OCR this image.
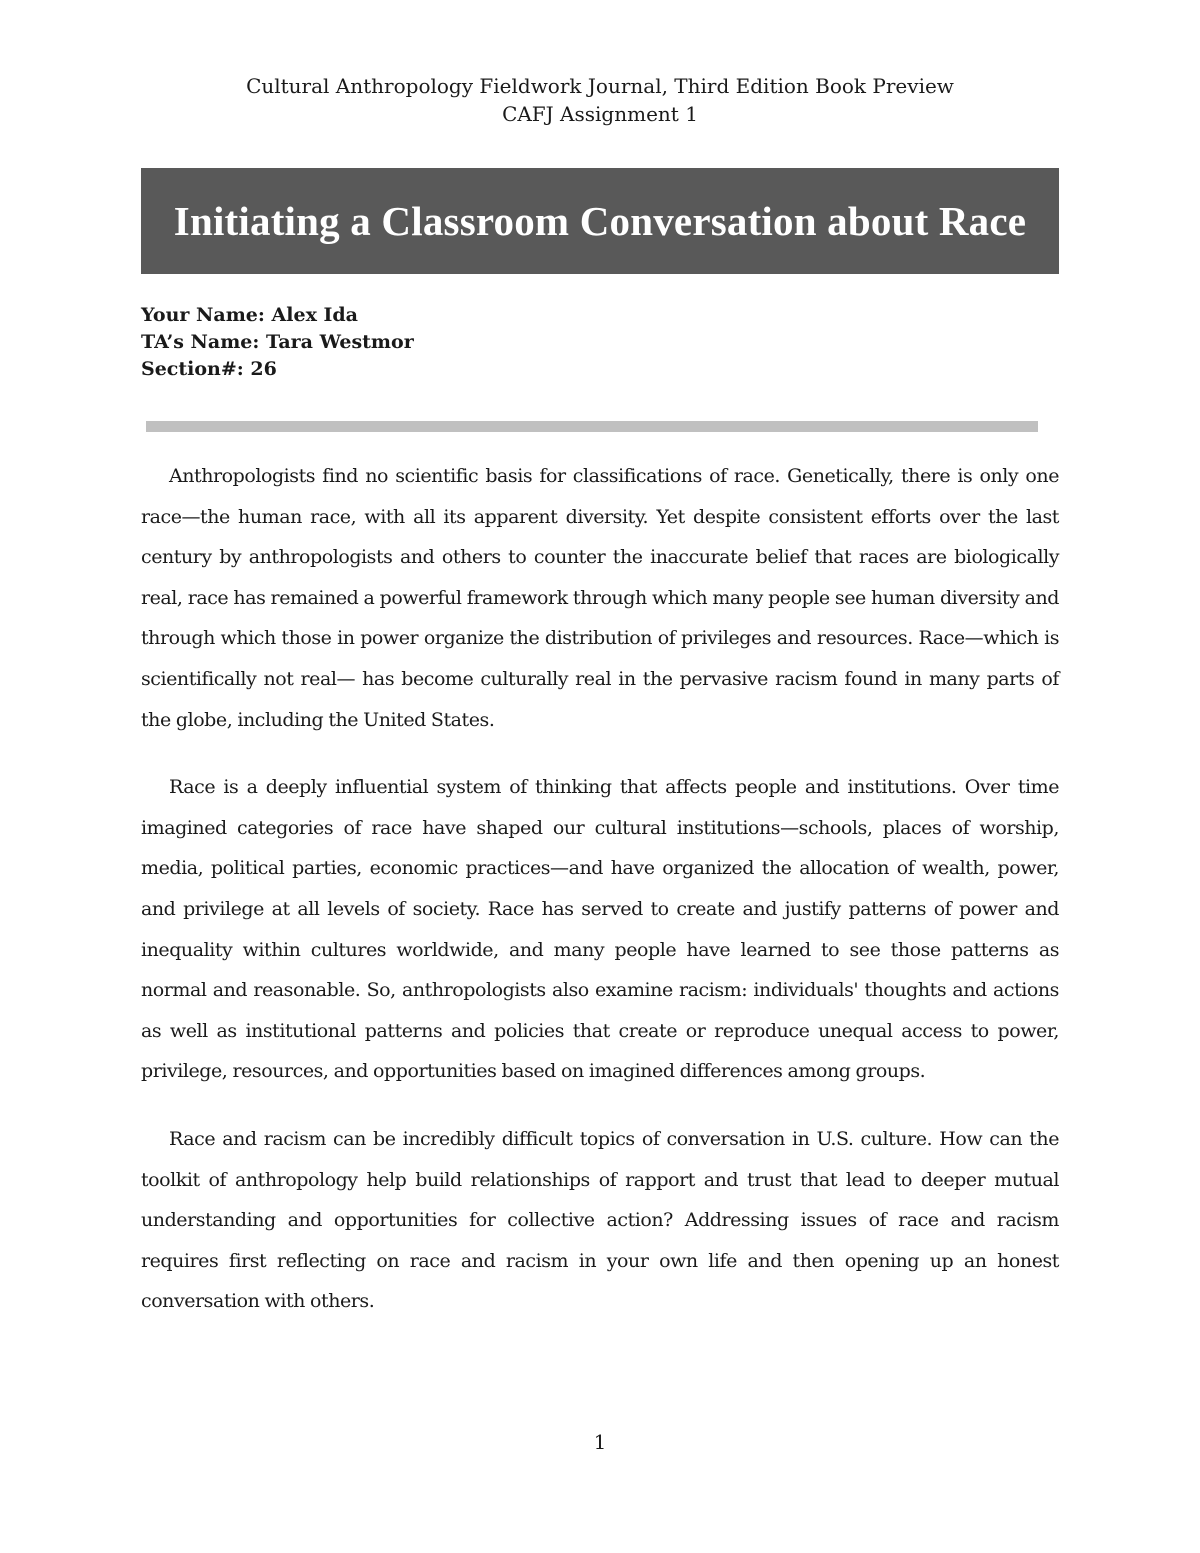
Cultural Anthropology Fieldwork Journal, Third Edition Book Preview
CAFJ Assignment 1
Initiating a Classroom Conversation about Race
Your Name: Alex Ida
TA’s Name: Tara Westmor
Section#: 26

Anthropologists find no scientific basis for classifications of race. Genetically, there is only one race—the human race, with all its apparent diversity. Yet despite consistent efforts over the last century by anthropologists and others to counter the inaccurate belief that races are biologically real, race has remained a powerful framework through which many people see human diversity and through which those in power organize the distribution of privileges and resources. Race—which is scientifically not real— has become culturally real in the pervasive racism found in many parts of the globe, including the United States.

Race is a deeply influential system of thinking that affects people and institutions. Over time imagined categories of race have shaped our cultural institutions—schools, places of worship, media, political parties, economic practices—and have organized the allocation of wealth, power, and privilege at all levels of society. Race has served to create and justify patterns of power and inequality within cultures worldwide, and many people have learned to see those patterns as normal and reasonable. So, anthropologists also examine racism: individuals' thoughts and actions as well as institutional patterns and policies that create or reproduce unequal access to power, privilege, resources, and opportunities based on imagined differences among groups.

Race and racism can be incredibly difficult topics of conversation in U.S. culture. How can the toolkit of anthropology help build relationships of rapport and trust that lead to deeper mutual understanding and opportunities for collective action? Addressing issues of race and racism requires first reflecting on race and racism in your own life and then opening up an honest conversation with others.

1
